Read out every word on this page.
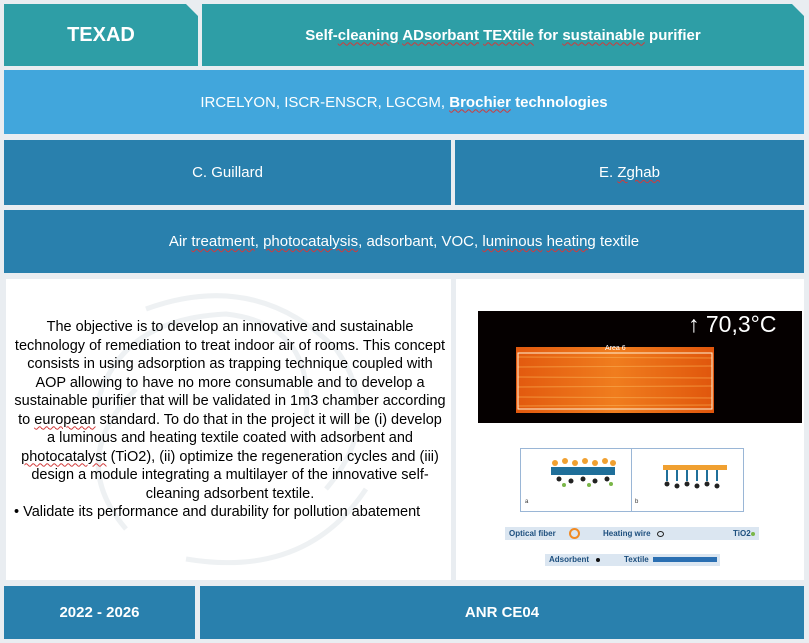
TEXAD	Self-cleaning ADsorbant TEXtile for sustainable purifier
IRCELYON, ISCR-ENSCR, LGCGM, Brochier technologies
C. Guillard	E. Zghab
Air treatment, photocatalysis, adsorbant, VOC, luminous heating textile
The objective is to develop an innovative and sustainable technology of remediation to treat indoor air of rooms. This concept consists in using adsorption as trapping technique coupled with AOP allowing to have no more consumable and to develop a sustainable purifier that will be validated in 1m3 chamber according to european standard. To do that in the project it will be (i) develop a luminous and heating textile coated with adsorbent and photocatalyst (TiO2), (ii) optimize the regeneration cycles and (iii) design a module integrating a multilayer of the innovative self-cleaning adsorbent textile.
• Validate its performance and durability for pollution abatement
Area 6
↑ 70,3°C
a	b
Optical fiber	Heating wire	TiO2
Adsorbent	Textile
2022 - 2026	ANR CE04
